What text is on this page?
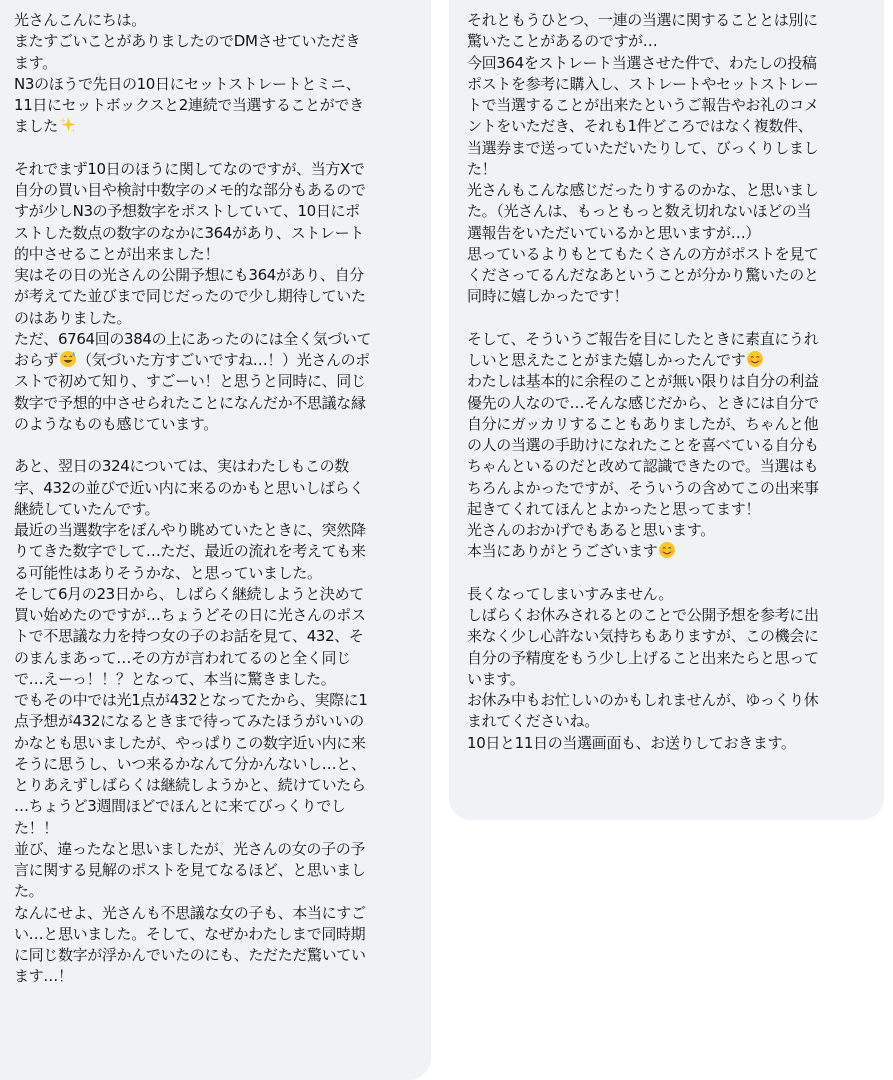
光さんこんにちは。
またすごいことがありましたのでDMさせていただき
ます。
N3のほうで先日の10日にセットストレートとミニ、
11日にセットボックスと2連続で当選することができ
ました
それでまず10日のほうに関してなのですが、当方Xで
自分の買い目や検討中数字のメモ的な部分もあるので
すが少しN3の予想数字をポストしていて、10日にポ
ストした数点の数字のなかに364があり、ストレート
的中させることが出来ました！
実はその日の光さんの公開予想にも364があり、自分
が考えてた並びまで同じだったので少し期待していた
のはありました。
ただ、6764回の384の上にあったのには全く気づいて
おらず （気づいた方すごいですね…！）光さんのポ
ストで初めて知り、すごーい！と思うと同時に、同じ
数字で予想的中させられたことになんだか不思議な縁
のようなものも感じています。
あと、翌日の324については、実はわたしもこの数
字、432の並びで近い内に来るのかもと思いしばらく
継続していたんです。
最近の当選数字をぼんやり眺めていたときに、突然降
りてきた数字でして…ただ、最近の流れを考えても来
る可能性はありそうかな、と思っていました。
そして6月の23日から、しばらく継続しようと決めて
買い始めたのですが…ちょうどその日に光さんのポス
トで不思議な力を持つ女の子のお話を見て、432、そ
のまんまあって…その方が言われてるのと全く同じ
で…えーっ！！？となって、本当に驚きました。
でもその中では光1点が432となってたから、実際に1
点予想が432になるときまで待ってみたほうがいいの
かなとも思いましたが、やっぱりこの数字近い内に来
そうに思うし、いつ来るかなんて分かんないし…と、
とりあえずしばらくは継続しようかと、続けていたら
…ちょうど3週間ほどでほんとに来てびっくりでし
た！！
並び、違ったなと思いましたが、光さんの女の子の予
言に関する見解のポストを見てなるほど、と思いまし
た。
なんにせよ、光さんも不思議な女の子も、本当にすご
い…と思いました。そして、なぜかわたしまで同時期
に同じ数字が浮かんでいたのにも、ただただ驚いてい
ます…！
それともうひとつ、一連の当選に関することとは別に
驚いたことがあるのですが…
今回364をストレート当選させた件で、わたしの投稿
ポストを参考に購入し、ストレートやセットストレー
トで当選することが出来たというご報告やお礼のコメ
ントをいただき、それも1件どころではなく複数件、
当選券まで送っていただいたりして、びっくりしまし
た！
光さんもこんな感じだったりするのかな、と思いまし
た。（光さんは、もっともっと数え切れないほどの当
選報告をいただいているかと思いますが…）
思っているよりもとてもたくさんの方がポストを見て
くださってるんだなあということが分かり驚いたのと
同時に嬉しかったです！
そして、そういうご報告を目にしたときに素直にうれ
しいと思えたことがまた嬉しかったんです
わたしは基本的に余程のことが無い限りは自分の利益
優先の人なので…そんな感じだから、ときには自分で
自分にガッカリすることもありましたが、ちゃんと他
の人の当選の手助けになれたことを喜べている自分も
ちゃんといるのだと改めて認識できたので。当選はも
ちろんよかったですが、そういうの含めてこの出来事
起きてくれてほんとよかったと思ってます！
光さんのおかげでもあると思います。
本当にありがとうございます
長くなってしまいすみません。
しばらくお休みされるとのことで公開予想を参考に出
来なく少し心許ない気持ちもありますが、この機会に
自分の予精度をもう少し上げること出来たらと思って
います。
お休み中もお忙しいのかもしれませんが、ゆっくり休
まれてくださいね。
10日と11日の当選画面も、お送りしておきます。
